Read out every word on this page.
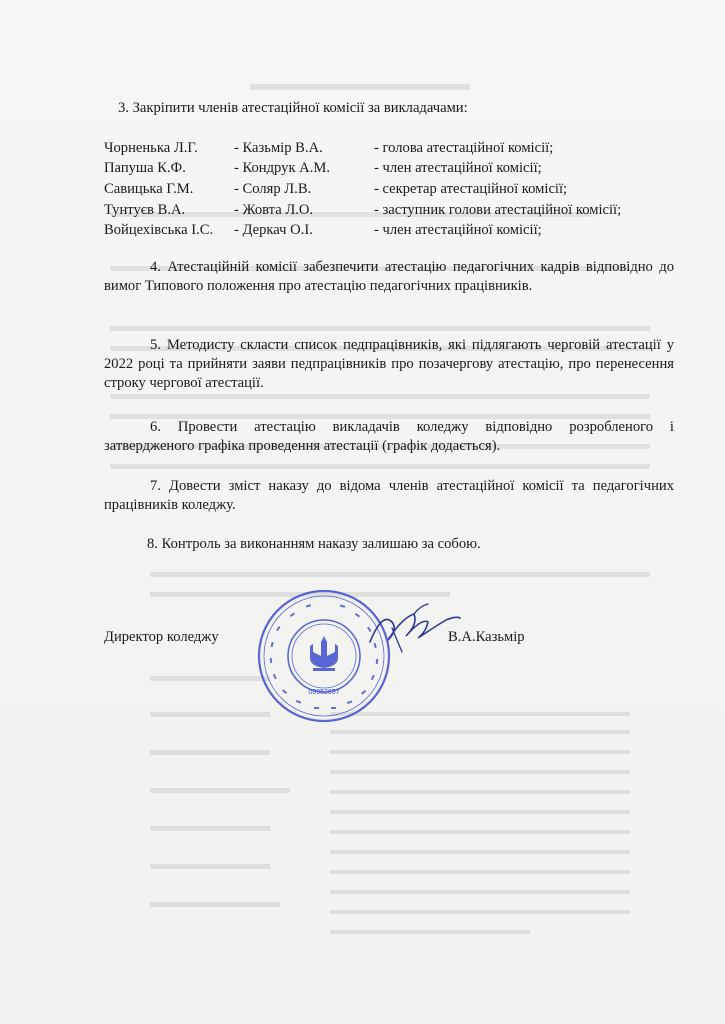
3. Закріпити членів атестаційної комісії за викладачами:
Чорненька Л.Г.	- Казьмір В.А.	- голова атестаційної комісії;
Папуша К.Ф.	- Кондрук А.М.	- член атестаційної комісії;
Савицька Г.М.	- Соляр Л.В.	- секретар атестаційної комісії;
Тунтуєв В.А.	- Жовта Л.О.	- заступник голови атестаційної комісії;
Войцехівська І.С.	- Деркач О.І.	- член атестаційної комісії;
4. Атестаційній комісії забезпечити атестацію педагогічних кадрів відповідно до вимог Типового положення про атестацію педагогічних працівників.
5. Методисту скласти список педпрацівників, які підлягають черговій атестації у 2022 році та прийняти заяви педпрацівників про позачергову атестацію, про перенесення строку чергової атестації.
6. Провести атестацію викладачів коледжу відповідно розробленого і затвердженого графіка проведення атестації (графік додається).
7. Довести зміст наказу до відома членів атестаційної комісії та педагогічних працівників коледжу.
8. Контроль за виконанням наказу залишаю за собою.
Директор коледжу	В.А.Казьмір
00952657
